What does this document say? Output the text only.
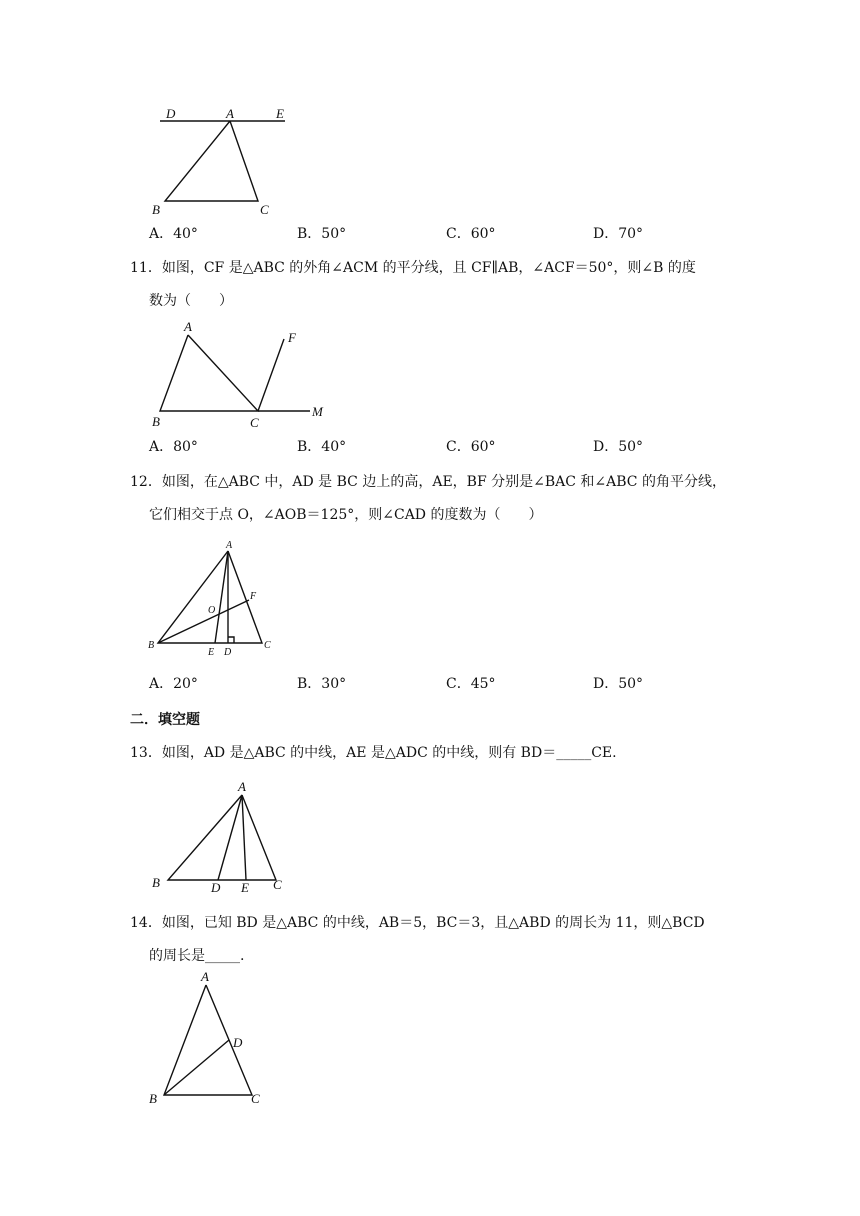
D	A	E
B	C
A．40°	B．50°	C．60°	D．70°
11．如图，CF 是△ABC 的外角∠ACM 的平分线，且 CF∥AB，∠ACF＝50°，则∠B 的度
数为（　　）
A
F
B	C
M
A．80°	B．40°	C．60°	D．50°
12．如图，在△ABC 中，AD 是 BC 边上的高，AE，BF 分别是∠BAC 和∠ABC 的角平分线，
它们相交于点 O，∠AOB＝125°，则∠CAD 的度数为（　　）
A
F
O
B
E D
C
A．20°	B．30°	C．45°	D．50°
二．填空题
13．如图，AD 是△ABC 的中线，AE 是△ADC 的中线，则有 BD＝_____CE.
A
B	D E C
14．如图，已知 BD 是△ABC 的中线，AB＝5，BC＝3，且△ABD 的周长为 11，则△BCD
的周长是_____.
A
D
B	C
